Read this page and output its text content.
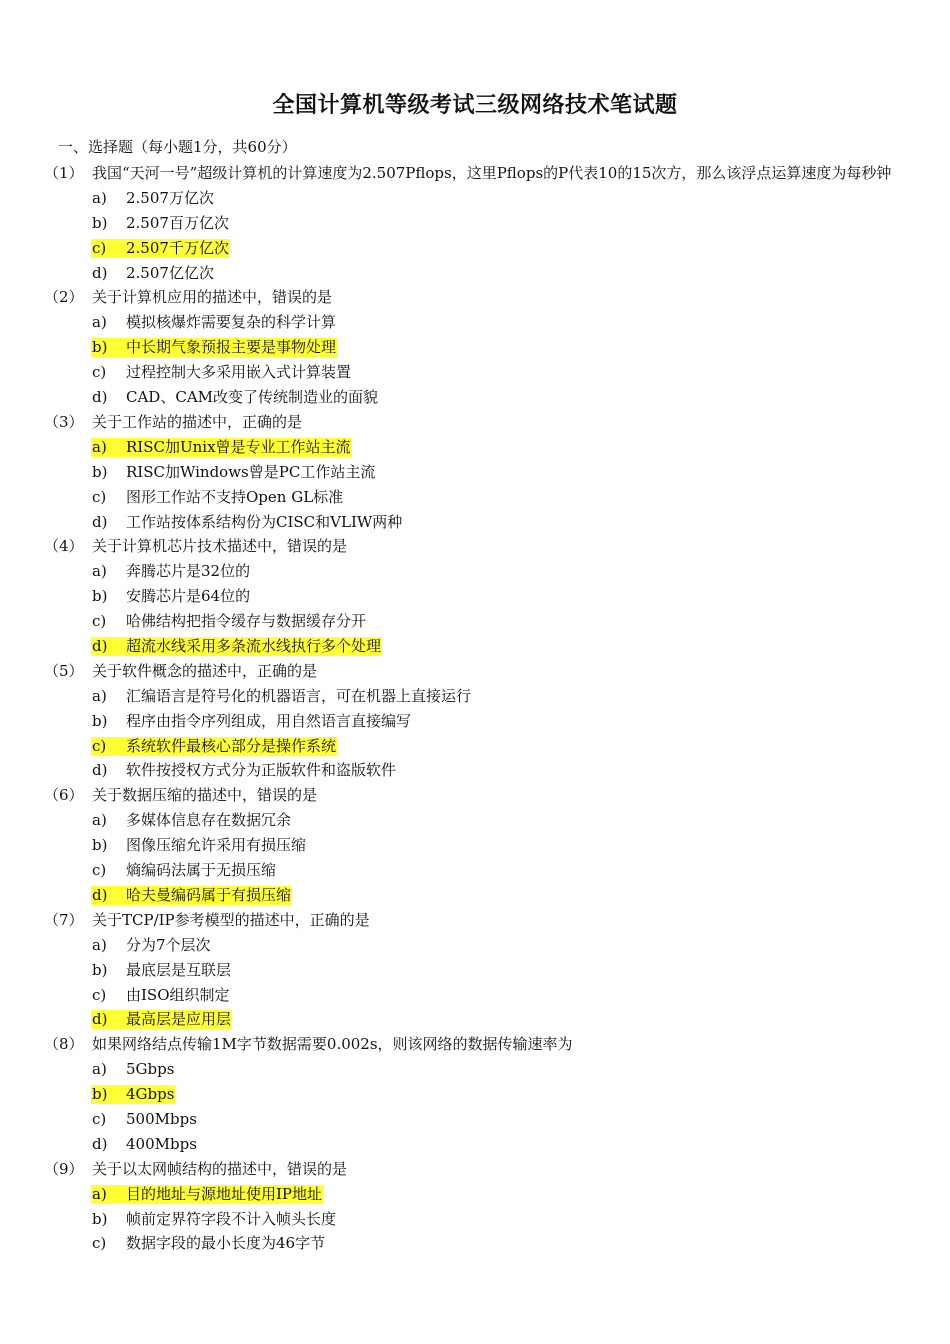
全国计算机等级考试三级网络技术笔试题
一、选择题（每小题1分，共60分）
（1） 我国“天河一号”超级计算机的计算速度为2.507Pflops，这里Pflops的P代表10的15次方，那么该浮点运算速度为每秒钟
a) 2.507万亿次
b) 2.507百万亿次
c) 2.507千万亿次
d) 2.507亿亿次
（2） 关于计算机应用的描述中，错误的是
a) 模拟核爆炸需要复杂的科学计算
b) 中长期气象预报主要是事物处理
c) 过程控制大多采用嵌入式计算装置
d) CAD、CAM改变了传统制造业的面貌
（3） 关于工作站的描述中，正确的是
a) RISC加Unix曾是专业工作站主流
b) RISC加Windows曾是PC工作站主流
c) 图形工作站不支持Open GL标准
d) 工作站按体系结构份为CISC和VLIW两种
（4） 关于计算机芯片技术描述中，错误的是
a) 奔腾芯片是32位的
b) 安腾芯片是64位的
c) 哈佛结构把指令缓存与数据缓存分开
d) 超流水线采用多条流水线执行多个处理
（5） 关于软件概念的描述中，正确的是
a) 汇编语言是符号化的机器语言，可在机器上直接运行
b) 程序由指令序列组成，用自然语言直接编写
c) 系统软件最核心部分是操作系统
d) 软件按授权方式分为正版软件和盗版软件
（6） 关于数据压缩的描述中，错误的是
a) 多媒体信息存在数据冗余
b) 图像压缩允许采用有损压缩
c) 熵编码法属于无损压缩
d) 哈夫曼编码属于有损压缩
（7） 关于TCP/IP参考模型的描述中，正确的是
a) 分为7个层次
b) 最底层是互联层
c) 由ISO组织制定
d) 最高层是应用层
（8） 如果网络结点传输1M字节数据需要0.002s，则该网络的数据传输速率为
a) 5Gbps
b) 4Gbps
c) 500Mbps
d) 400Mbps
（9） 关于以太网帧结构的描述中，错误的是
a) 目的地址与源地址使用IP地址
b) 帧前定界符字段不计入帧头长度
c) 数据字段的最小长度为46字节
